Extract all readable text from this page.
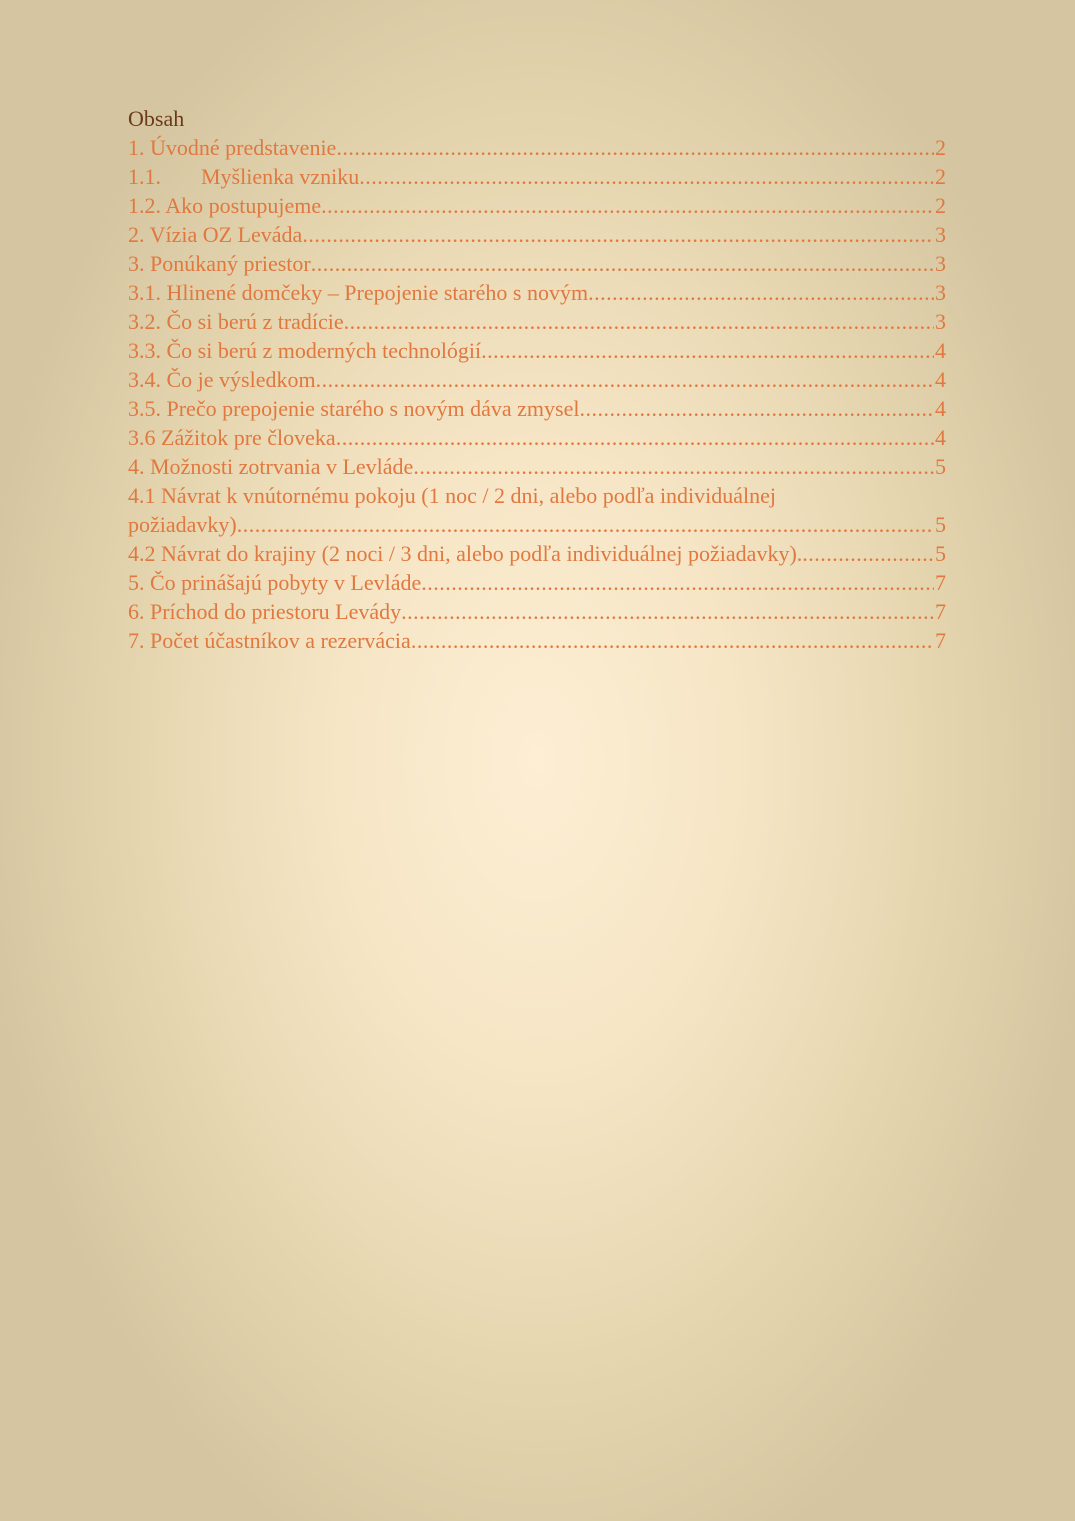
Obsah
1. Úvodné predstavenie .....	2
1.1. Myšlienka vzniku .....	2
1.2. Ako postupujeme .....	2
2. Vízia OZ Leváda .....	3
3. Ponúkaný priestor .....	3
3.1. Hlinené domčeky – Prepojenie starého s novým .....	3
3.2. Čo si berú z tradície .....	3
3.3. Čo si berú z moderných technológií .....	4
3.4. Čo je výsledkom .....	4
3.5. Prečo prepojenie starého s novým dáva zmysel .....	4
3.6 Zážitok pre človeka .....	4
4. Možnosti zotrvania v Levláde .....	5
4.1 Návrat k vnútornému pokoju (1 noc / 2 dni, alebo podľa individuálnej
požiadavky) .....	5
4.2 Návrat do krajiny (2 noci / 3 dni, alebo podľa individuálnej požiadavky). .....	5
5. Čo prinášajú pobyty v Levláde .....	7
6. Príchod do priestoru Levády .....	7
7. Počet účastníkov a rezervácia .....	7
